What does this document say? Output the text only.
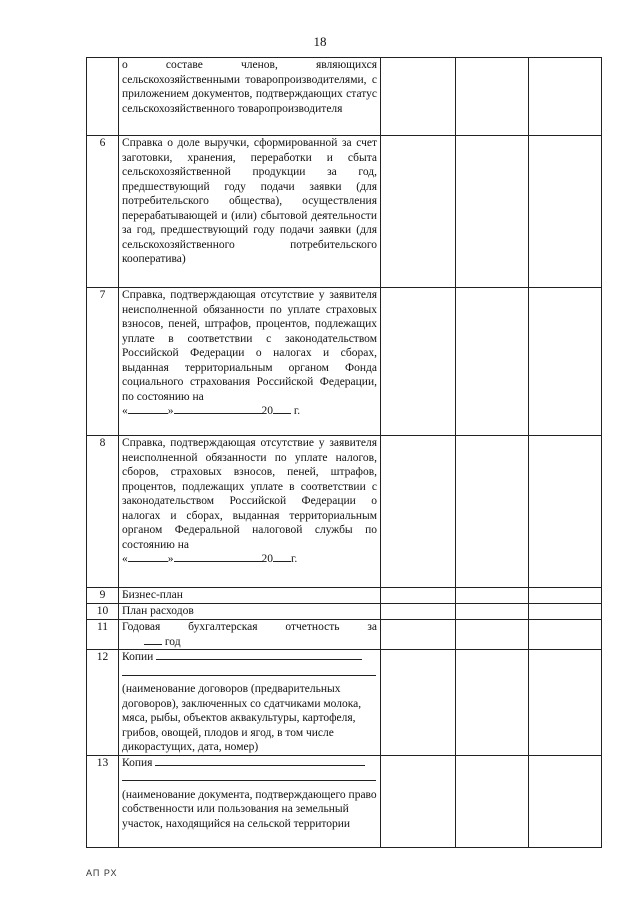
18
	о составе членов, являющихся сельскохозяйственными товаропроизводителями, с приложением документов, подтверждающих статус сельскохозяйственного товаропроизводителя			
6	Справка о доле выручки, сформированной за счет заготовки, хранения, переработки и сбыта сельскохозяйственной продукции за год, предшествующий году подачи заявки (для потребительского общества), осуществления перерабатывающей и (или) сбытовой деятельности за год, предшествующий году подачи заявки (для сельскохозяйственного потребительского кооператива)			
7	Справка, подтверждающая отсутствие у заявителя неисполненной обязанности по уплате страховых взносов, пеней, штрафов, процентов, подлежащих уплате в соответствии с законодательством Российской Федерации о налогах и сборах, выданная территориальным органом Фонда социального страхования Российской Федерации, по состоянию на
« » 20 г.			
8	Справка, подтверждающая отсутствие у заявителя неисполненной обязанности по уплате налогов, сборов, страховых взносов, пеней, штрафов, процентов, подлежащих уплате в соответствии с законодательством Российской Федерации о налогах и сборах, выданная территориальным органом Федеральной налоговой службы по состоянию на
« » 20 г.			
9	Бизнес-план			
10	План расходов			
11	Годовая бухгалтерская отчетность за
год			

12	Копии
(наименование договоров (предварительных договоров), заключенных со сдатчиками молока, мяса, рыбы, объектов аквакультуры, картофеля, грибов, овощей, плодов и ягод, в том числе дикорастущих, дата, номер)			

13	Копия
(наименование документа, подтверждающего право собственности или пользования на земельный участок, находящийся на сельской территории			

АП РХ
